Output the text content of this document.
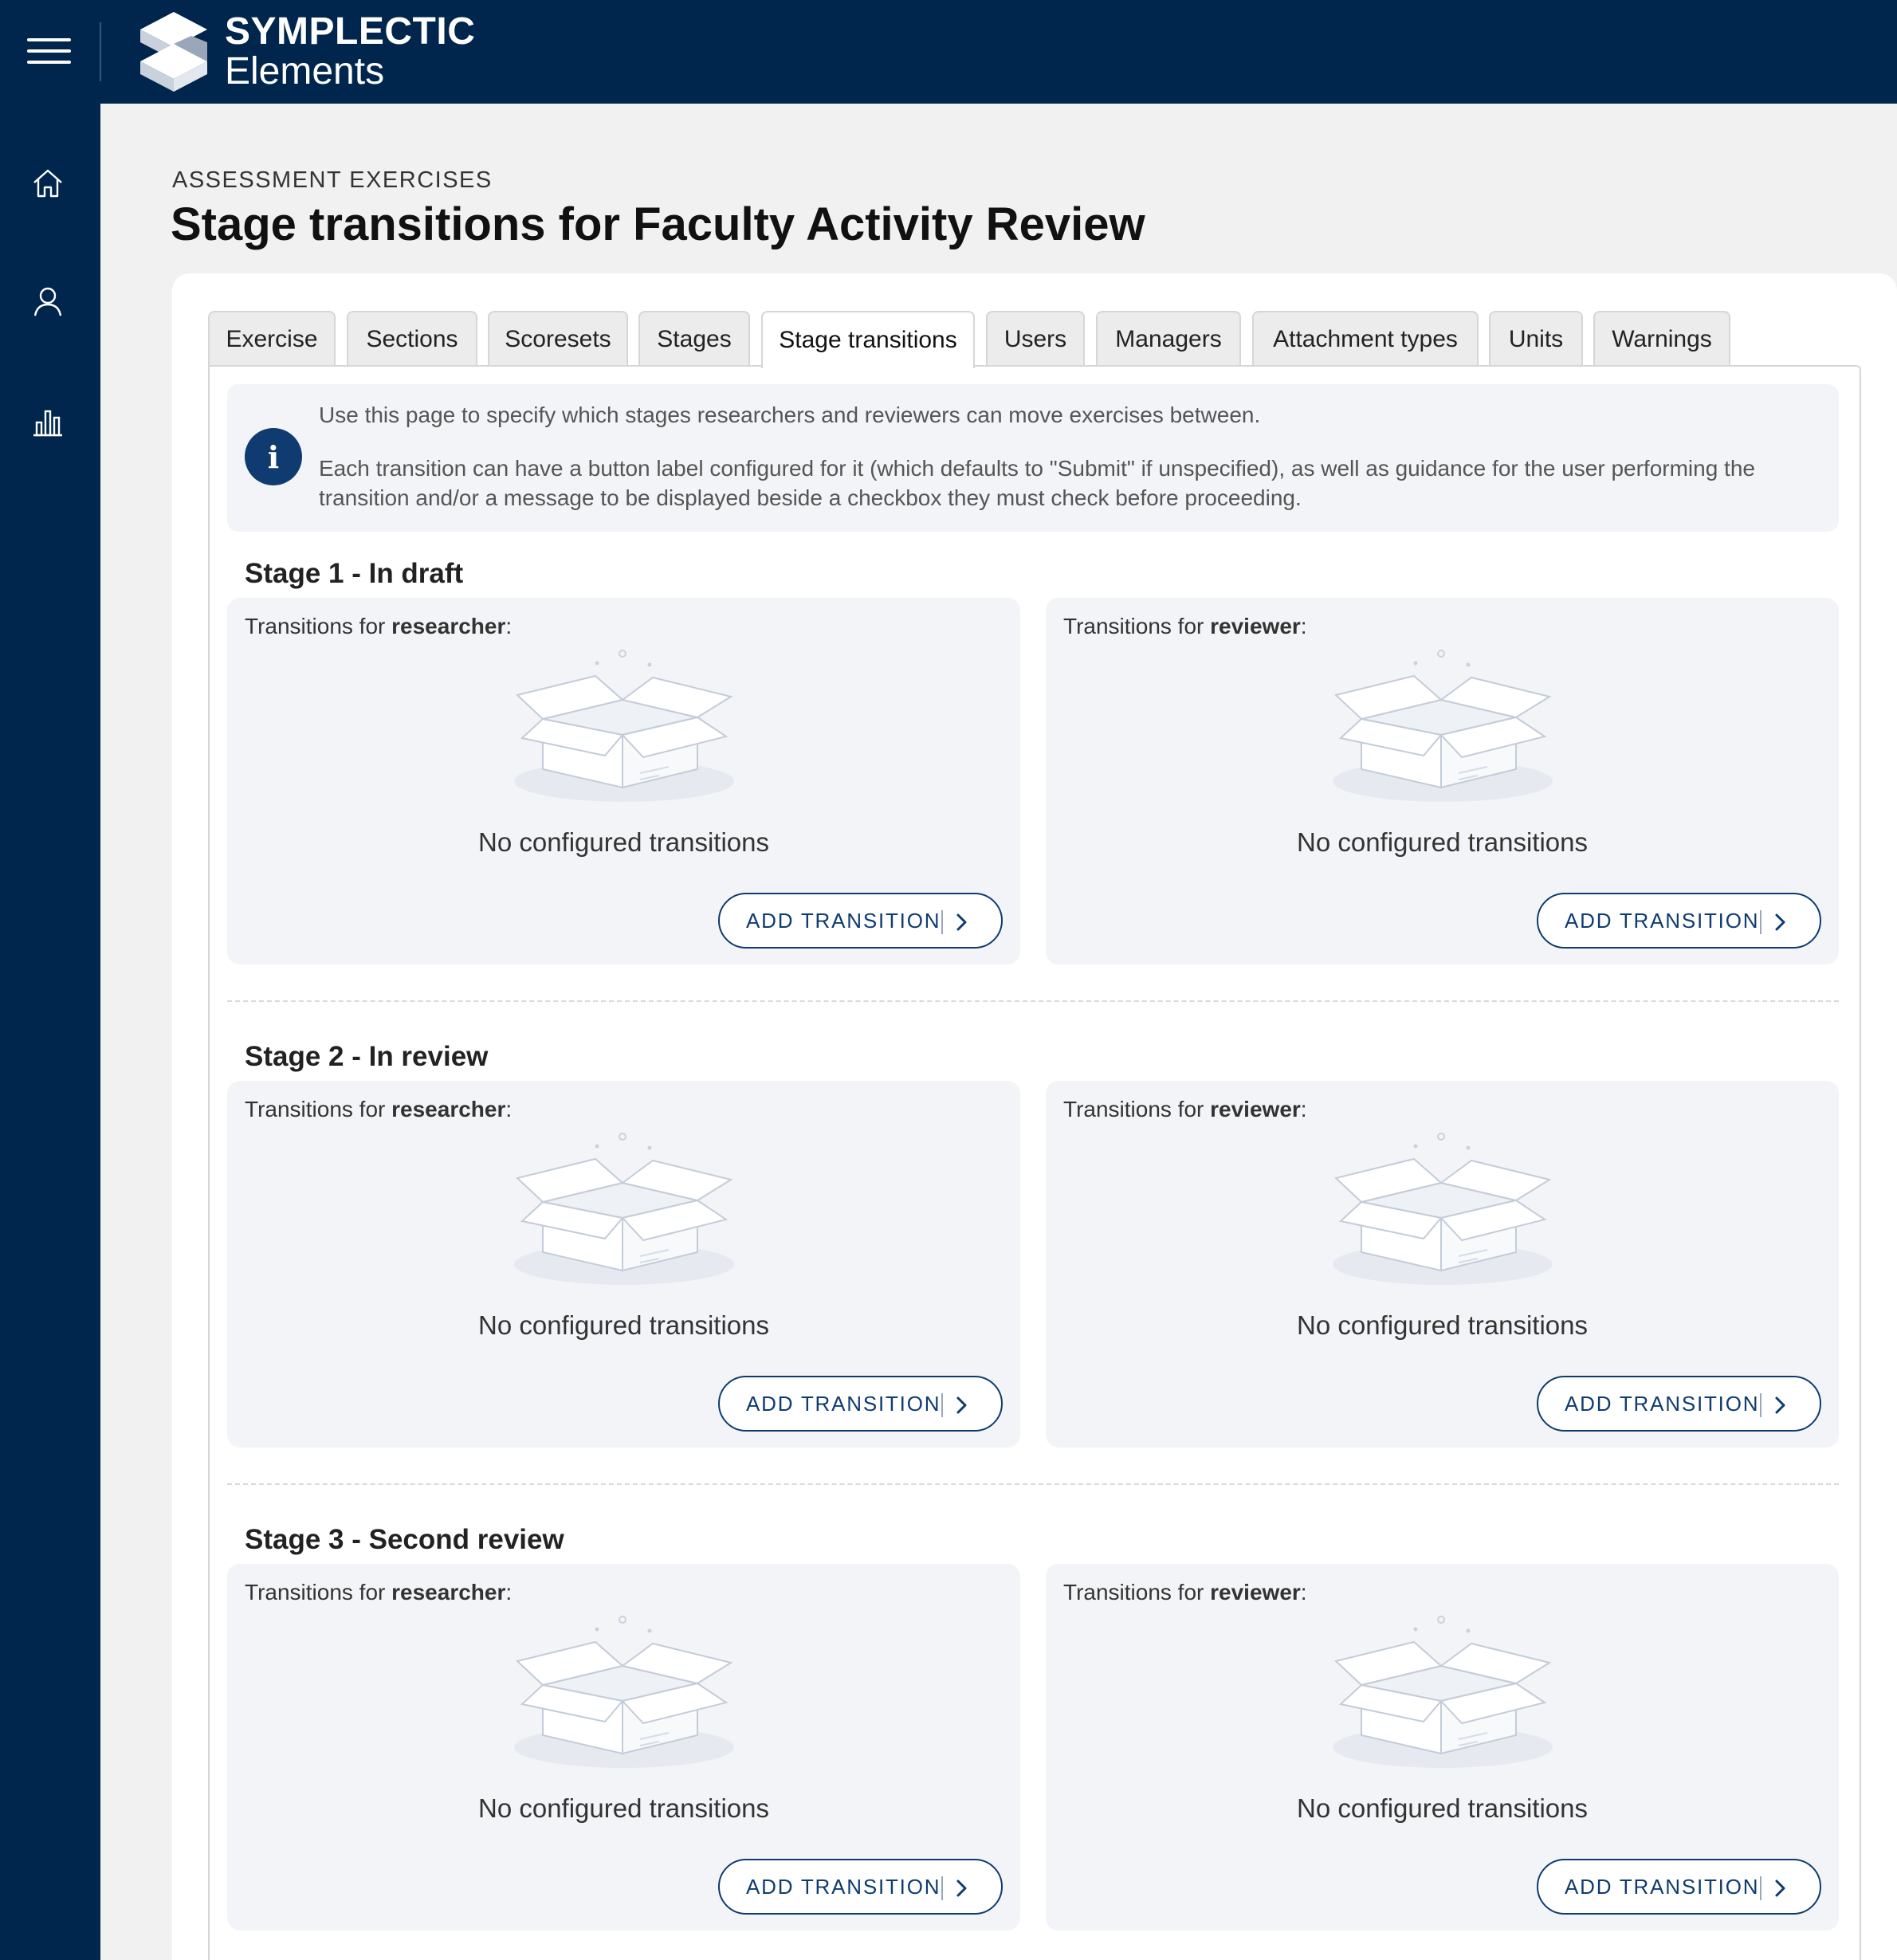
SYMPLECTIC
Elements
ASSESSMENT EXERCISES
Stage transitions for Faculty Activity Review
Exercise	Sections	Scoresets	Stages	Stage transitions	Users	Managers	Attachment types	Units	Warnings
i

Use this page to specify which stages researchers and reviewers can move exercises between.

Each transition can have a button label configured for it (which defaults to "Submit" if unspecified), as well as guidance for the user performing the transition and/or a message to be displayed beside a checkbox they must check before proceeding.

Stage 1 - In draft
Transitions for researcher:
No configured transitions
ADD TRANSITION
Transitions for reviewer:
No configured transitions
ADD TRANSITION
Stage 2 - In review
Transitions for researcher:
No configured transitions
ADD TRANSITION
Transitions for reviewer:
No configured transitions
ADD TRANSITION
Stage 3 - Second review
Transitions for researcher:
No configured transitions
ADD TRANSITION
Transitions for reviewer:
No configured transitions
ADD TRANSITION
